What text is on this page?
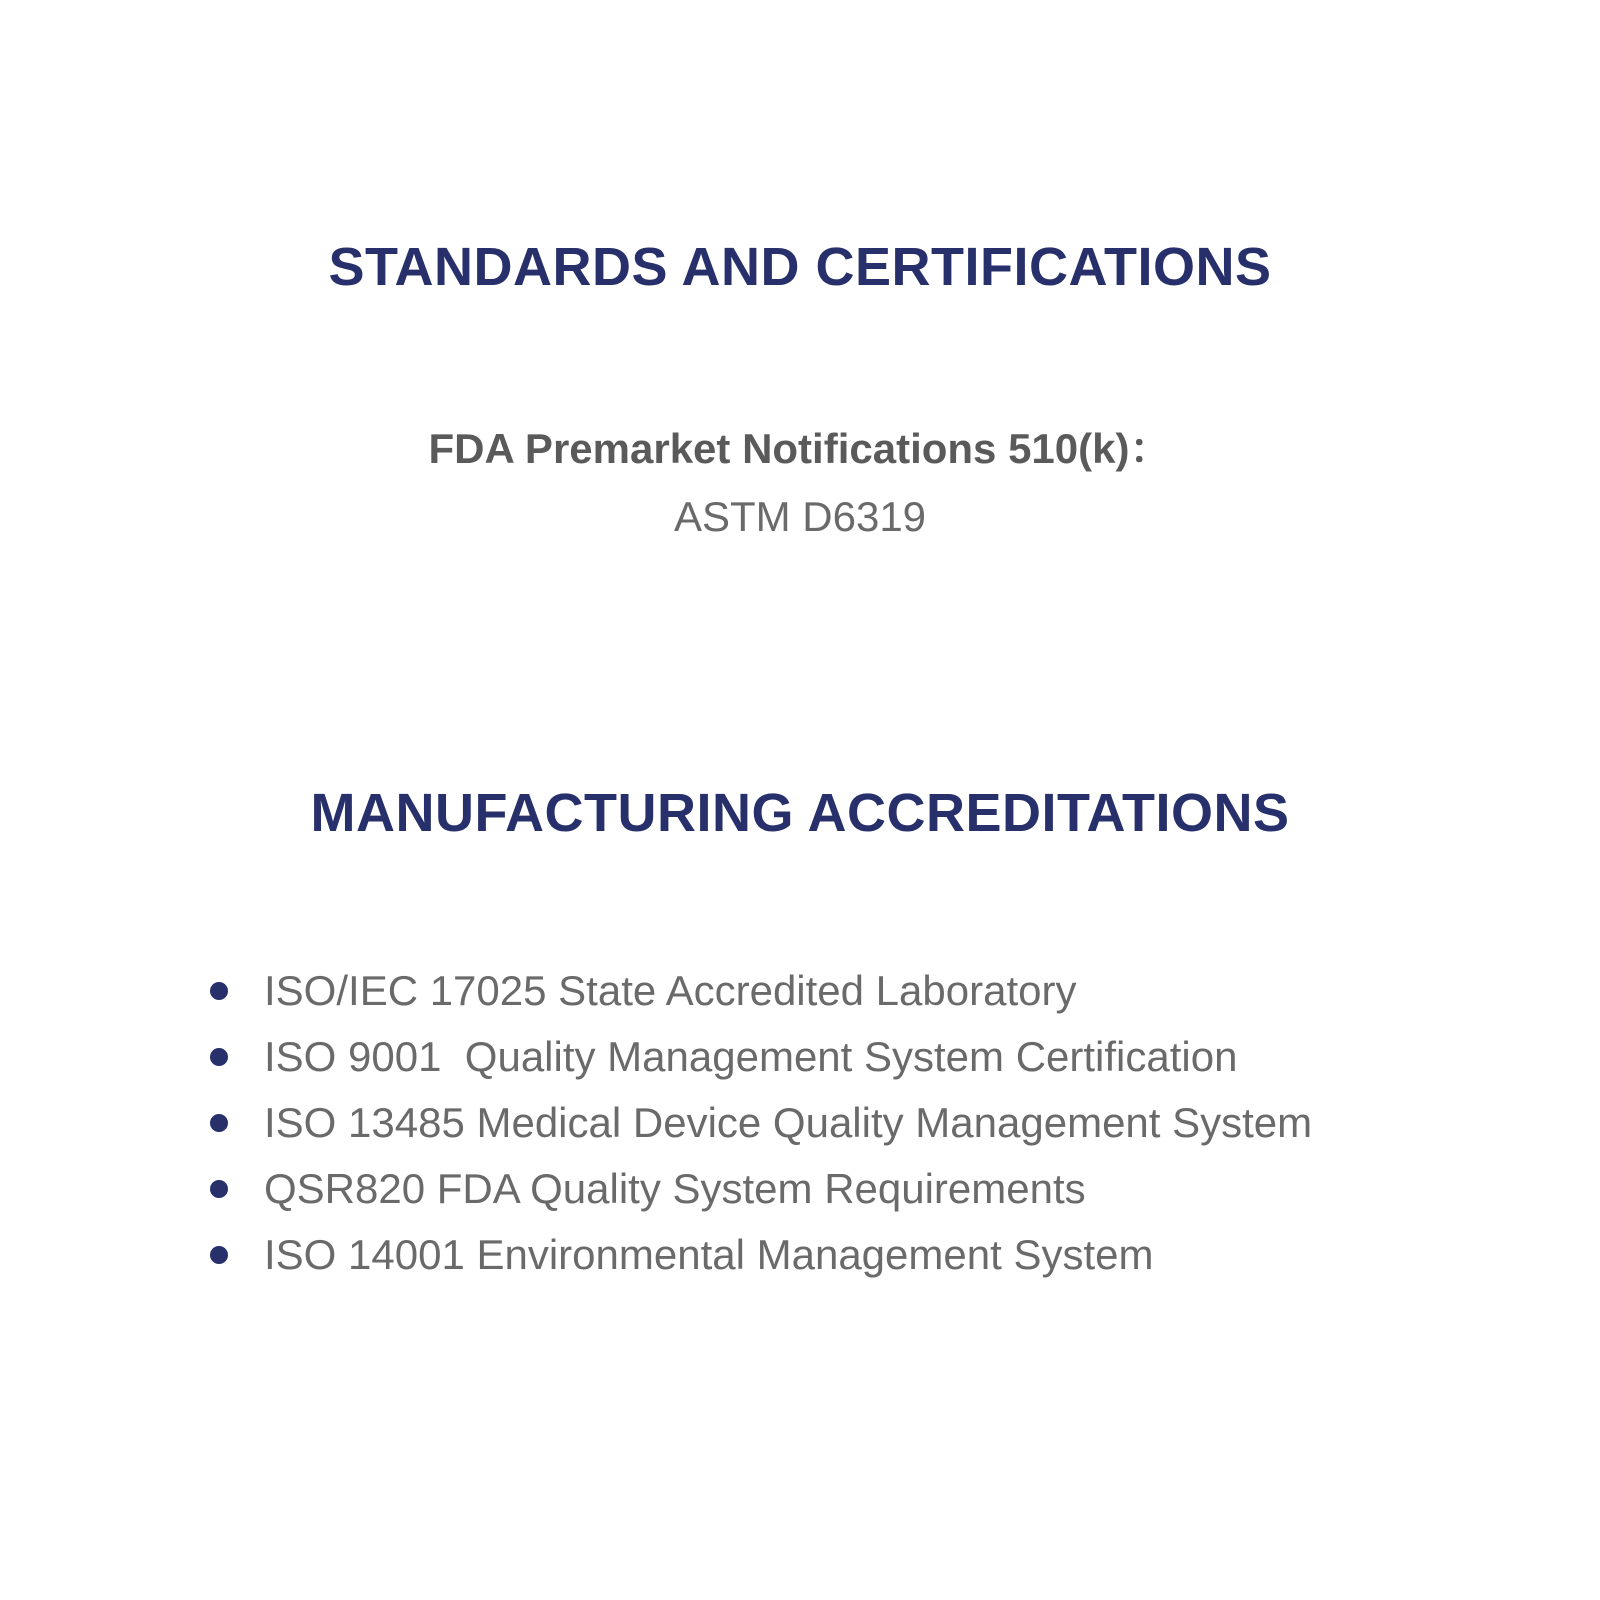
STANDARDS AND CERTIFICATIONS
FDA Premarket Notifications 510(k)：
ASTM D6319
MANUFACTURING ACCREDITATIONS
ISO/IEC 17025 State Accredited Laboratory
ISO 9001  Quality Management System Certification
ISO 13485 Medical Device Quality Management System
QSR820 FDA Quality System Requirements
ISO 14001 Environmental Management System
